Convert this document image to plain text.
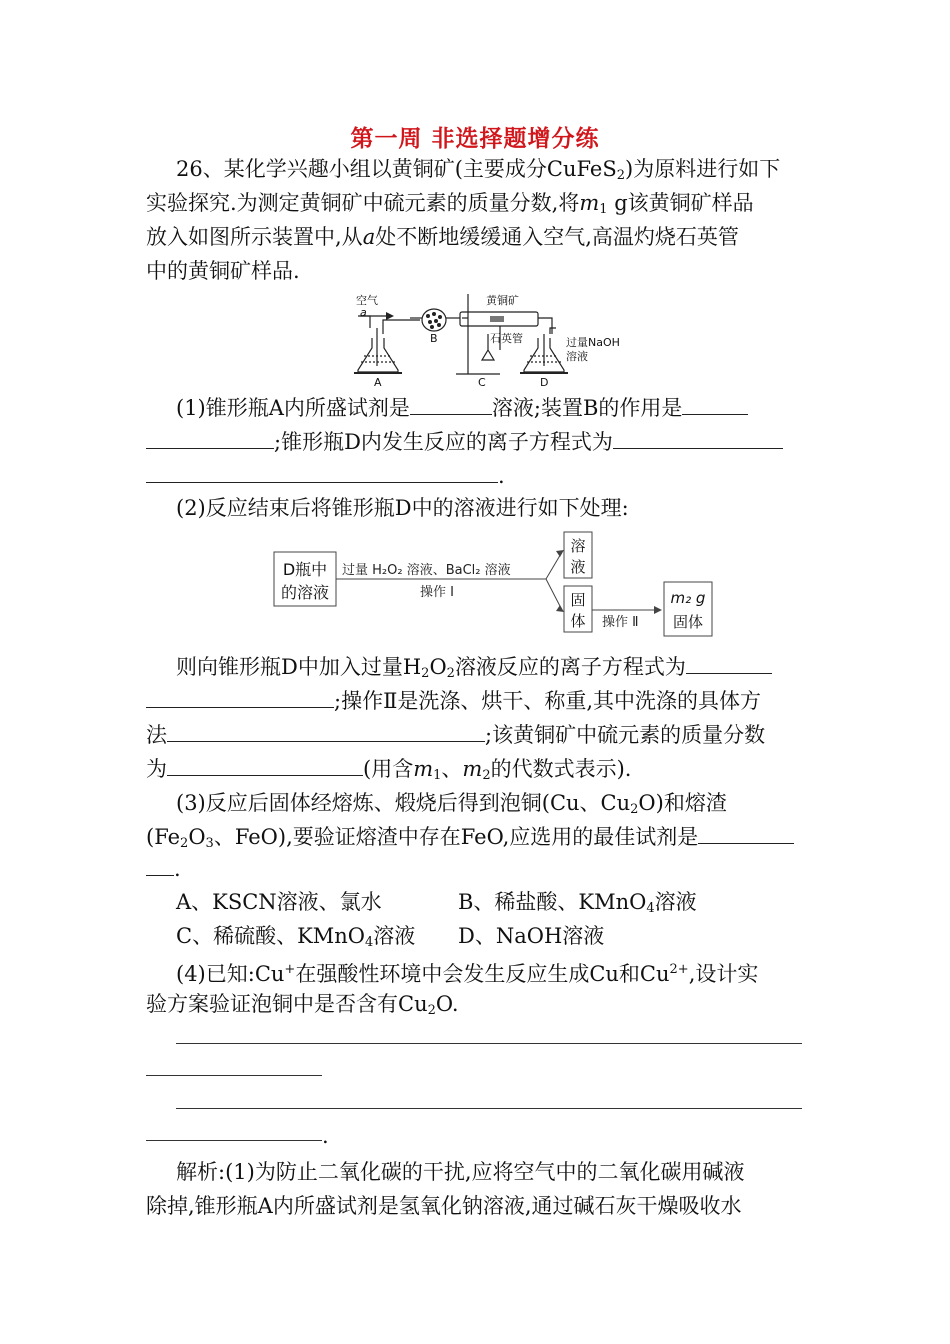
第一周 非选择题增分练
26、某化学兴趣小组以黄铜矿(主要成分CuFeS$_2$)为原料进行如下
实验探究.为测定黄铜矿中硫元素的质量分数,将$m_1$ g该黄铜矿样品
放入如图所示装置中,从a处不断地缓缓通入空气,高温灼烧石英管
中的黄铜矿样品.
空气
a
黄铜矿
石英管	过量NaOH
溶液
A
B
C	D
(1)锥形瓶A内所盛试剂是	溶液;装置B的作用是
;锥形瓶D内发生反应的离子方程式为
.
(2)反应结束后将锥形瓶D中的溶液进行如下处理:
D瓶中
的溶液
过量 H₂O₂ 溶液、BaCl₂ 溶液
操作 Ⅰ
溶
液
固
体 操作 Ⅱ
m₂ g
固体
则向锥形瓶D中加入过量$H_2O_2$溶液反应的离子方程式为
;操作Ⅱ是洗涤、烘干、称重,其中洗涤的具体方
法	;该黄铜矿中硫元素的质量分数
为	(用含$m_1$、$m_2$的代数式表示).
(3)反应后固体经熔炼、煅烧后得到泡铜(Cu、$Cu_2O$)和熔渣
($Fe_2O_3$、FeO),要验证熔渣中存在FeO,应选用的最佳试剂是
.
A、KSCN溶液、氯水	B、稀盐酸、KMnO$_4$溶液
C、稀硫酸、KMnO$_4$溶液	D、NaOH溶液
(4)已知:Cu+在强酸性环境中会发生反应生成Cu和$Cu^{2+}$,设计实
验方案验证泡铜中是否含有$Cu_2O$.
.
解析:(1)为防止二氧化碳的干扰,应将空气中的二氧化碳用碱液
除掉,锥形瓶A内所盛试剂是氢氧化钠溶液,通过碱石灰干燥吸收水
